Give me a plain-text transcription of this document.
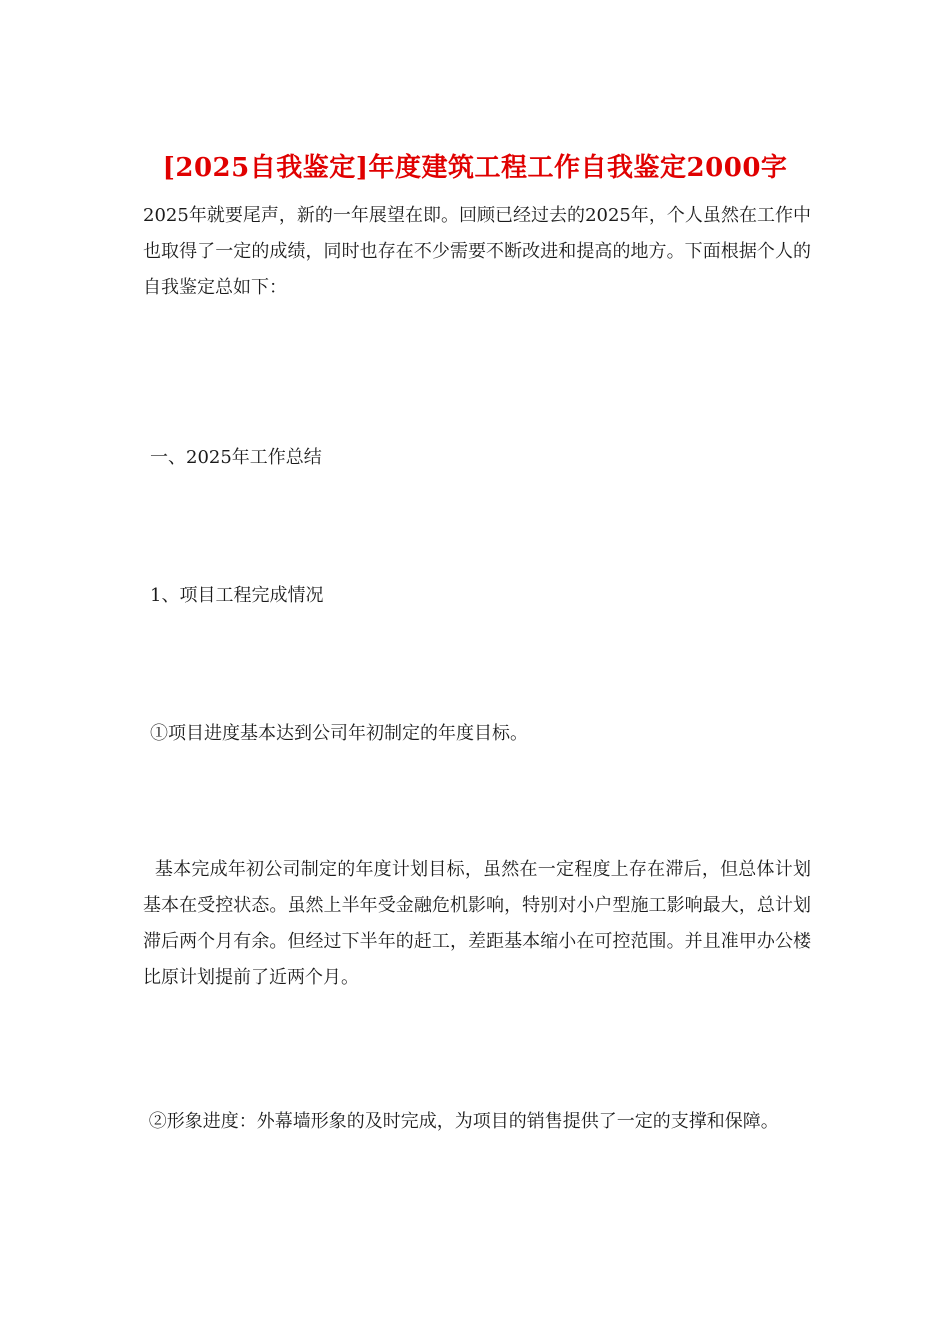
[2025自我鉴定]年度建筑工程工作自我鉴定2000字

2025年就要尾声，新的一年展望在即。回顾已经过去的2025年，个人虽然在工作中也取得了一定的成绩，同时也存在不少需要不断改进和提高的地方。下面根据个人的自我鉴定总如下：

一、2025年工作总结

1、项目工程完成情况

①项目进度基本达到公司年初制定的年度目标。

基本完成年初公司制定的年度计划目标，虽然在一定程度上存在滞后，但总体计划基本在受控状态。虽然上半年受金融危机影响，特别对小户型施工影响最大，总计划滞后两个月有余。但经过下半年的赶工，差距基本缩小在可控范围。并且准甲办公楼比原计划提前了近两个月。

②形象进度：外幕墙形象的及时完成，为项目的销售提供了一定的支撑和保障。
